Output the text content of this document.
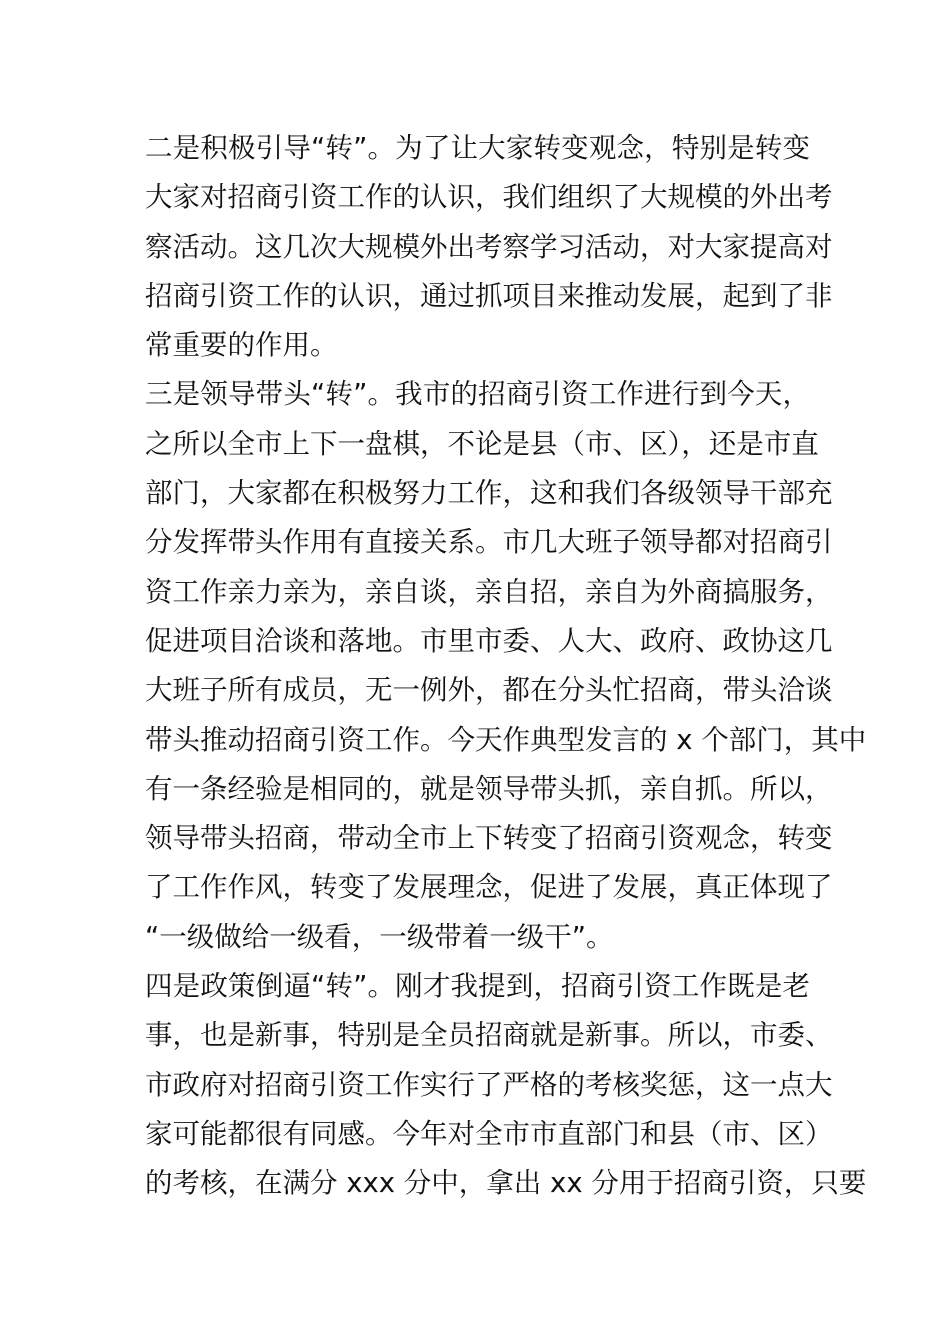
二是积极引导“转”。为了让大家转变观念，特别是转变
大家对招商引资工作的认识，我们组织了大规模的外出考
察活动。这几次大规模外出考察学习活动，对大家提高对
招商引资工作的认识，通过抓项目来推动发展，起到了非
常重要的作用。
三是领导带头“转”。我市的招商引资工作进行到今天，
之所以全市上下一盘棋，不论是县（市、区），还是市直
部门，大家都在积极努力工作，这和我们各级领导干部充
分发挥带头作用有直接关系。市几大班子领导都对招商引
资工作亲力亲为，亲自谈，亲自招，亲自为外商搞服务，
促进项目洽谈和落地。市里市委、人大、政府、政协这几
大班子所有成员，无一例外，都在分头忙招商，带头洽谈
带头推动招商引资工作。今天作典型发言的 x 个部门，其中
有一条经验是相同的，就是领导带头抓，亲自抓。所以，
领导带头招商，带动全市上下转变了招商引资观念，转变
了工作作风，转变了发展理念，促进了发展，真正体现了
“一级做给一级看，一级带着一级干”。
四是政策倒逼“转”。刚才我提到，招商引资工作既是老
事，也是新事，特别是全员招商就是新事。所以，市委、
市政府对招商引资工作实行了严格的考核奖惩，这一点大
家可能都很有同感。今年对全市市直部门和县（市、区）
的考核，在满分 xxx 分中，拿出 xx 分用于招商引资，只要
